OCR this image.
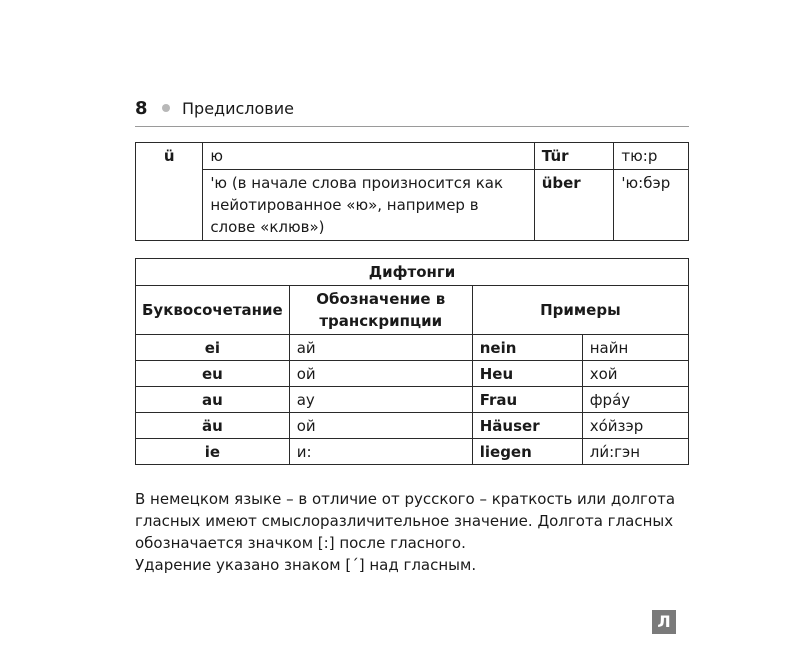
8 Предисловие
ü	ю	Tür	тю:р
	'ю (в начале слова произносится как нейотированное «ю», например в слове «клюв»)	über	'ю:бэр
Дифтонги			
Буквосочетание	Обозначение в транскрипции	Примеры	
ei	ай	nein	найн
eu	ой	Heu	хой
au	ау	Frau	фра́у
äu	ой	Häuser	хо́йзэр
ie	и:	liegen	ли́:гэн

В немецком языке – в отличие от русского – краткость или долгота гласных имеют смыслоразличительное значение. Долгота гласных обозначается значком [:] после гласного.

Ударение указано знаком [´] над гласным.

Л
